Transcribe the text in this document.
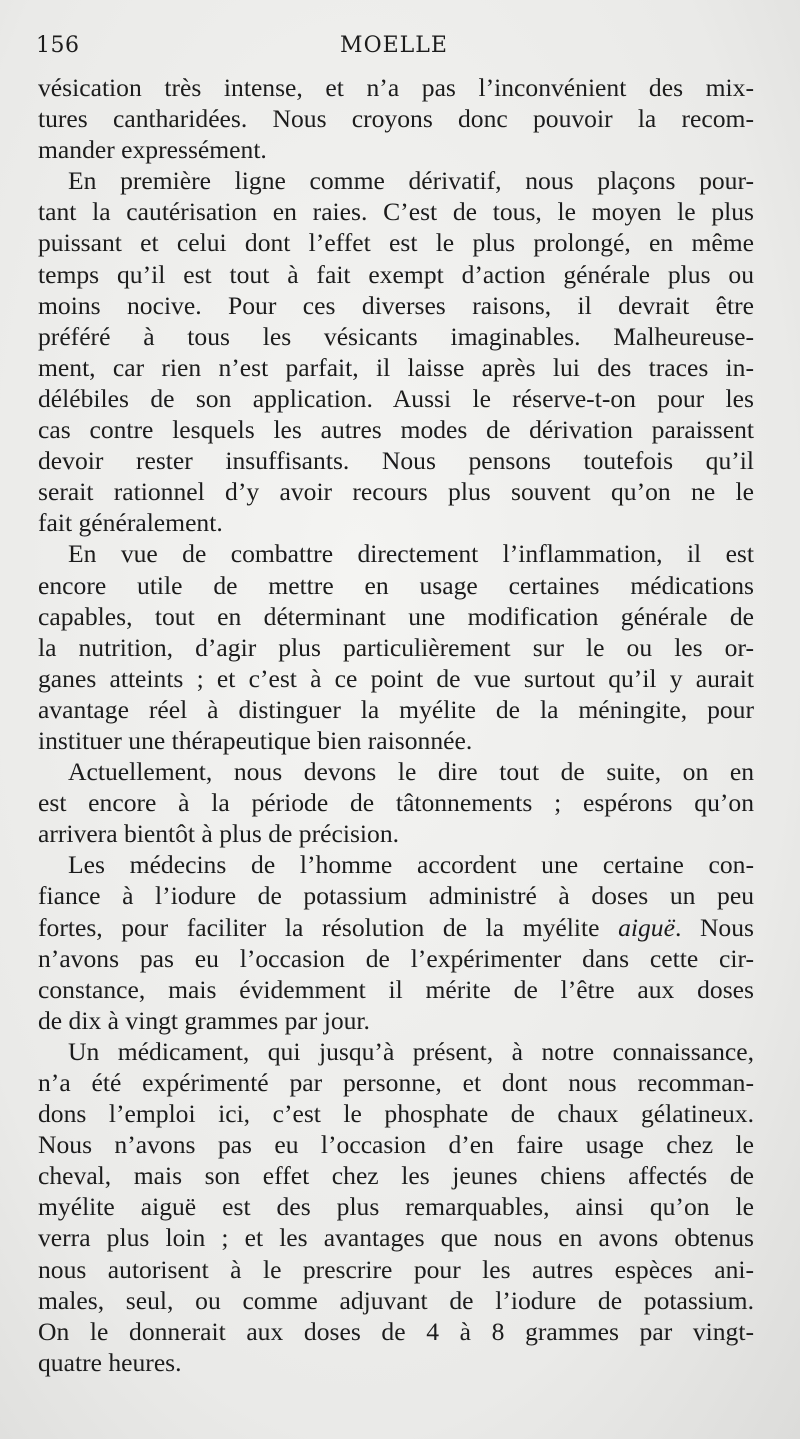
156	MOELLE
vésication très intense, et n’a pas l’inconvénient des mix-
tures cantharidées. Nous croyons donc pouvoir la recom-
mander expressément.
En première ligne comme dérivatif, nous plaçons pour-
tant la cautérisation en raies. C’est de tous, le moyen le plus
puissant et celui dont l’effet est le plus prolongé, en même
temps qu’il est tout à fait exempt d’action générale plus ou
moins nocive. Pour ces diverses raisons, il devrait être
préféré à tous les vésicants imaginables. Malheureuse-
ment, car rien n’est parfait, il laisse après lui des traces in-
délébiles de son application. Aussi le réserve-t-on pour les
cas contre lesquels les autres modes de dérivation paraissent
devoir rester insuffisants. Nous pensons toutefois qu’il
serait rationnel d’y avoir recours plus souvent qu’on ne le
fait généralement.
En vue de combattre directement l’inflammation, il est
encore utile de mettre en usage certaines médications
capables, tout en déterminant une modification générale de
la nutrition, d’agir plus particulièrement sur le ou les or-
ganes atteints ; et c’est à ce point de vue surtout qu’il y aurait
avantage réel à distinguer la myélite de la méningite, pour
instituer une thérapeutique bien raisonnée.
Actuellement, nous devons le dire tout de suite, on en
est encore à la période de tâtonnements ; espérons qu’on
arrivera bientôt à plus de précision.
Les médecins de l’homme accordent une certaine con-
fiance à l’iodure de potassium administré à doses un peu
fortes, pour faciliter la résolution de la myélite aiguë. Nous
n’avons pas eu l’occasion de l’expérimenter dans cette cir-
constance, mais évidemment il mérite de l’être aux doses
de dix à vingt grammes par jour.
Un médicament, qui jusqu’à présent, à notre connaissance,
n’a été expérimenté par personne, et dont nous recomman-
dons l’emploi ici, c’est le phosphate de chaux gélatineux.
Nous n’avons pas eu l’occasion d’en faire usage chez le
cheval, mais son effet chez les jeunes chiens affectés de
myélite aiguë est des plus remarquables, ainsi qu’on le
verra plus loin ; et les avantages que nous en avons obtenus
nous autorisent à le prescrire pour les autres espèces ani-
males, seul, ou comme adjuvant de l’iodure de potassium.
On le donnerait aux doses de 4 à 8 grammes par vingt-
quatre heures.
